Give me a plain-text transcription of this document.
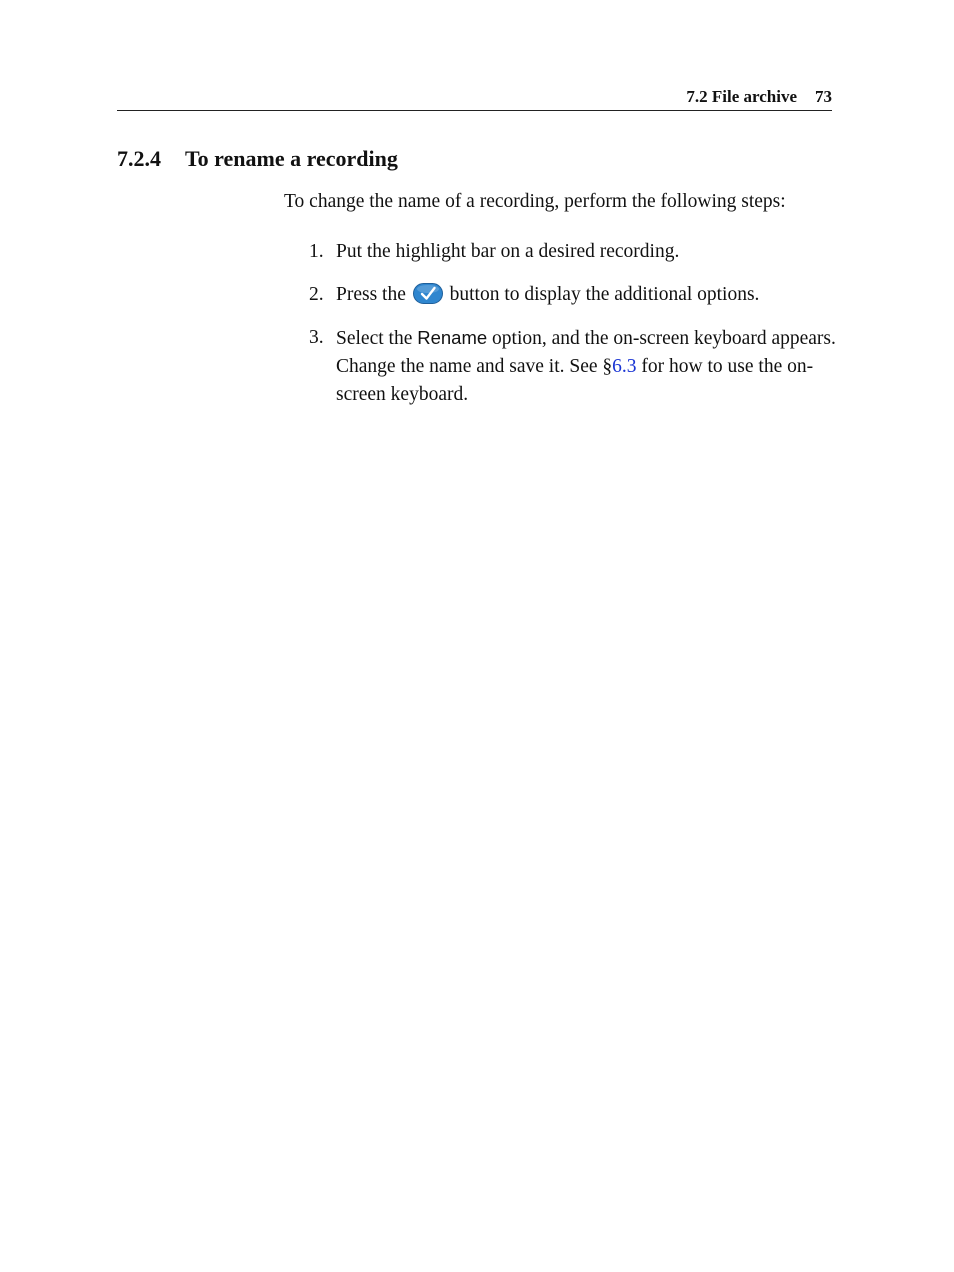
7.2 File archive 73
7.2.4 To rename a recording

To change the name of a recording, perform the following steps:

1. Put the highlight bar on a desired recording.
2. Press the button to display the additional options.
3. Select the Rename option, and the on-screen keyboard appears. Change the name and save it. See §6.3 for how to use the on-screen keyboard.
